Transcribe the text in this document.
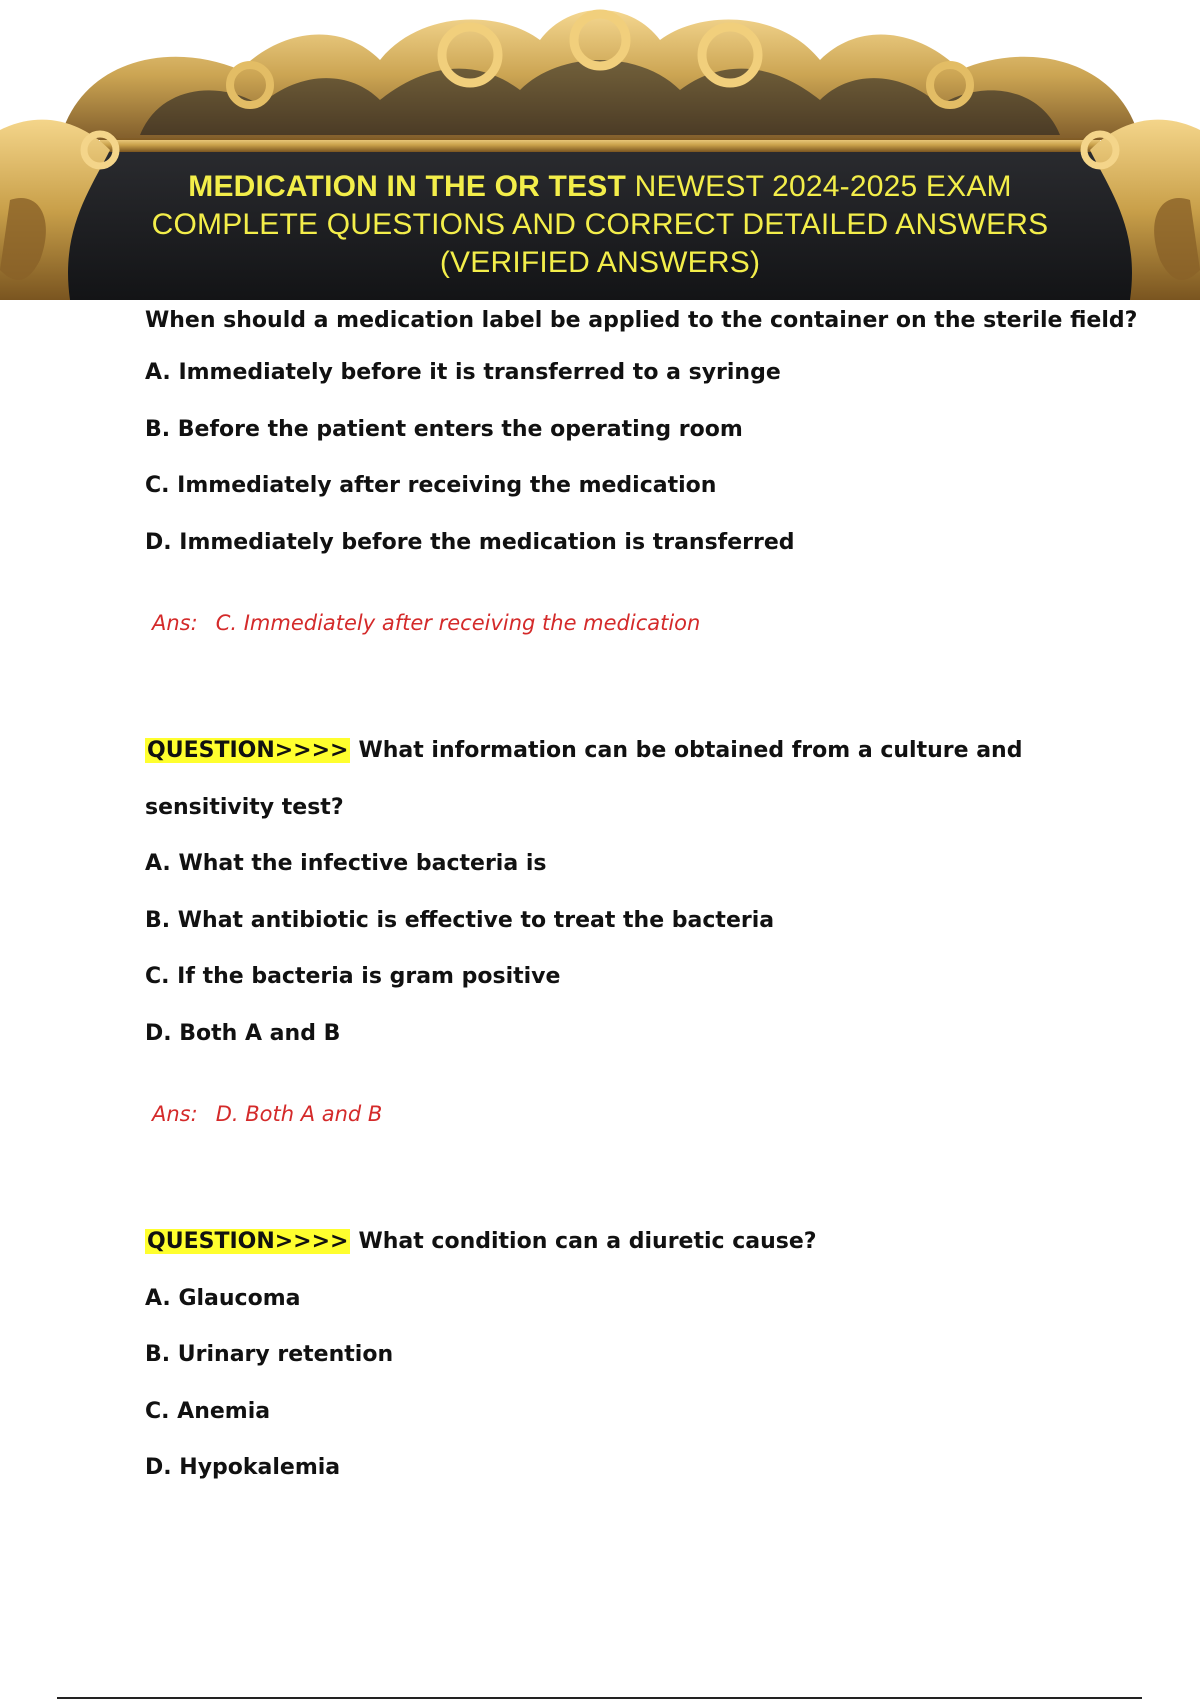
MEDICATION IN THE OR TEST NEWEST 2024-2025 EXAM
COMPLETE QUESTIONS AND CORRECT DETAILED ANSWERS
(VERIFIED ANSWERS)
When should a medication label be applied to the container on the sterile field?
A. Immediately before it is transferred to a syringe
B. Before the patient enters the operating room
C. Immediately after receiving the medication
D. Immediately before the medication is transferred
Ans: C. Immediately after receiving the medication
QUESTION>>>> What information can be obtained from a culture and
sensitivity test?
A. What the infective bacteria is
B. What antibiotic is effective to treat the bacteria
C. If the bacteria is gram positive
D. Both A and B
Ans: D. Both A and B
QUESTION>>>> What condition can a diuretic cause?
A. Glaucoma
B. Urinary retention
C. Anemia
D. Hypokalemia
